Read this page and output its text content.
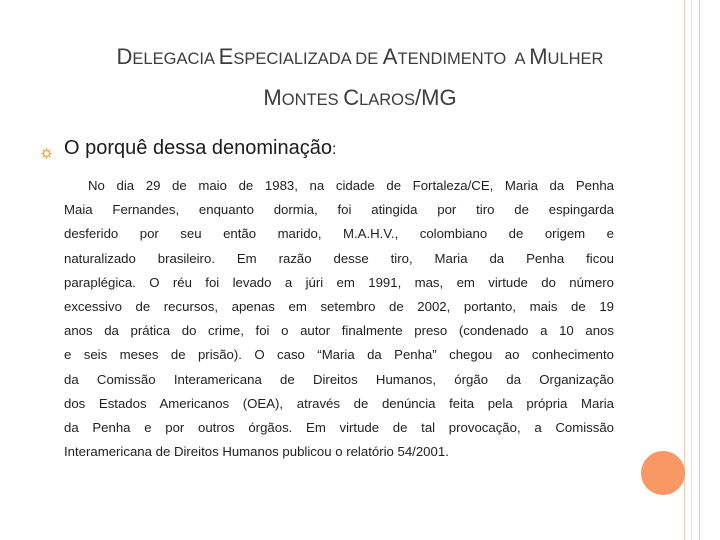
DELEGACIA ESPECIALIZADA DE ATENDIMENTO  A MULHER
MONTES CLAROS/MG
O porquê dessa denominação:
No dia 29 de maio de 1983, na cidade de Fortaleza/CE, Maria da Penha
Maia Fernandes, enquanto dormia, foi atingida por tiro de espingarda
desferido por seu então marido, M.A.H.V., colombiano de origem e
naturalizado brasileiro. Em razão desse tiro, Maria da Penha ficou
paraplégica. O réu foi levado a júri em 1991, mas, em virtude do número
excessivo de recursos, apenas em setembro de 2002, portanto, mais de 19
anos da prática do crime, foi o autor finalmente preso (condenado a 10 anos
e seis meses de prisão). O caso “Maria da Penha” chegou ao conhecimento
da Comissão Interamericana de Direitos Humanos, órgão da Organização
dos Estados Americanos (OEA), através de denúncia feita pela própria Maria
da Penha e por outros órgãos. Em virtude de tal provocação, a Comissão
Interamericana de Direitos Humanos publicou o relatório 54/2001.
